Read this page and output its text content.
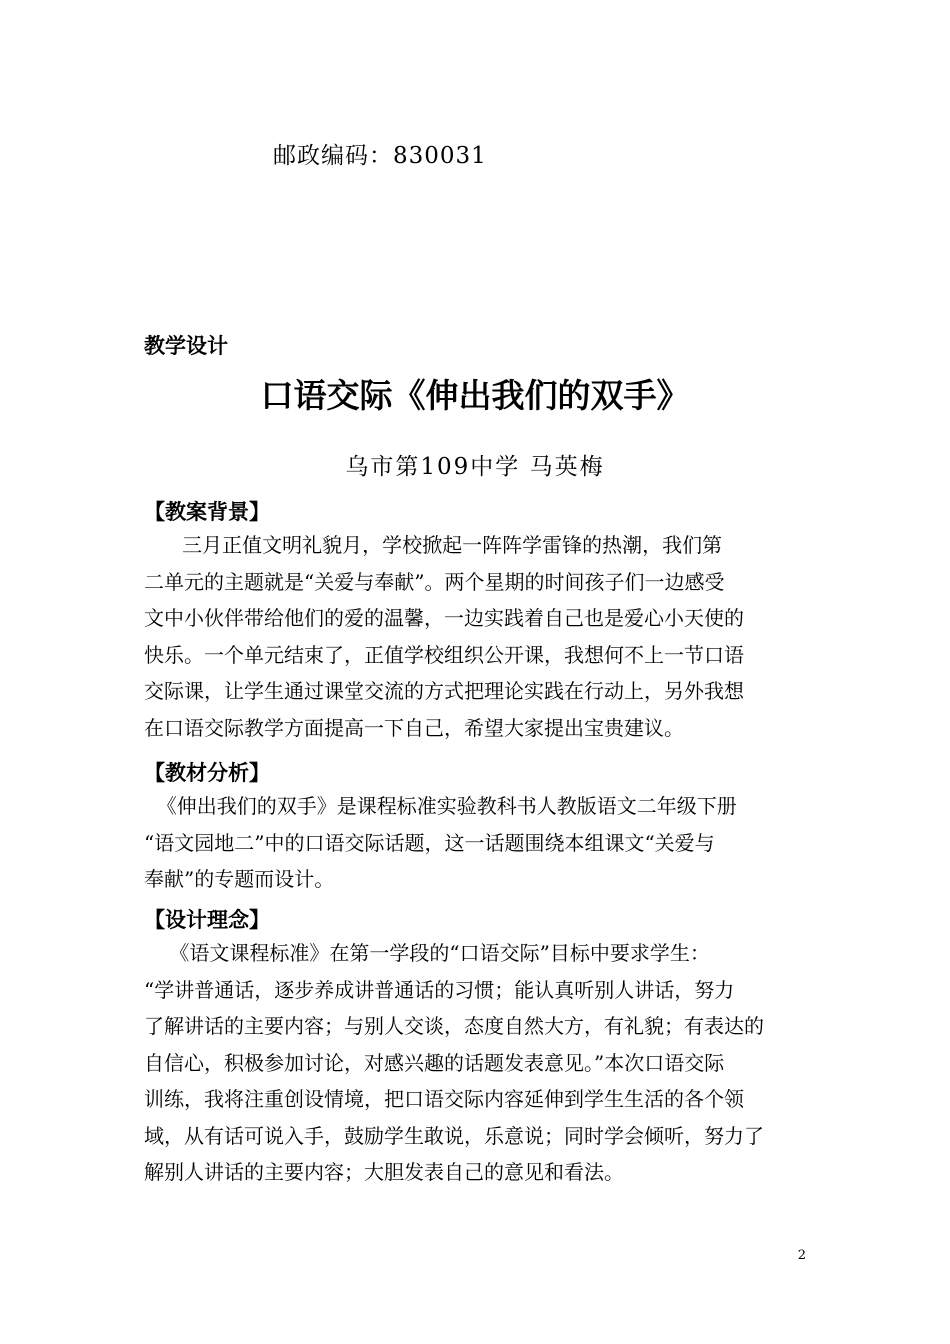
邮政编码：830031
教学设计
口语交际《伸出我们的双手》
乌市第109中学 马英梅
【教案背景】
三月正值文明礼貌月，学校掀起一阵阵学雷锋的热潮，我们第
二单元的主题就是“关爱与奉献”。两个星期的时间孩子们一边感受
文中小伙伴带给他们的爱的温馨，一边实践着自己也是爱心小天使的
快乐。一个单元结束了，正值学校组织公开课，我想何不上一节口语
交际课，让学生通过课堂交流的方式把理论实践在行动上，另外我想
在口语交际教学方面提高一下自己，希望大家提出宝贵建议。
【教材分析】
《伸出我们的双手》是课程标准实验教科书人教版语文二年级下册
“语文园地二”中的口语交际话题，这一话题围绕本组课文“关爱与
奉献”的专题而设计。
【设计理念】
《语文课程标准》在第一学段的“口语交际”目标中要求学生：
“学讲普通话，逐步养成讲普通话的习惯；能认真听别人讲话，努力
了解讲话的主要内容；与别人交谈，态度自然大方，有礼貌；有表达的
自信心，积极参加讨论，对感兴趣的话题发表意见。”本次口语交际
训练，我将注重创设情境，把口语交际内容延伸到学生生活的各个领
域，从有话可说入手，鼓励学生敢说，乐意说；同时学会倾听，努力了
解别人讲话的主要内容；大胆发表自己的意见和看法。
2
